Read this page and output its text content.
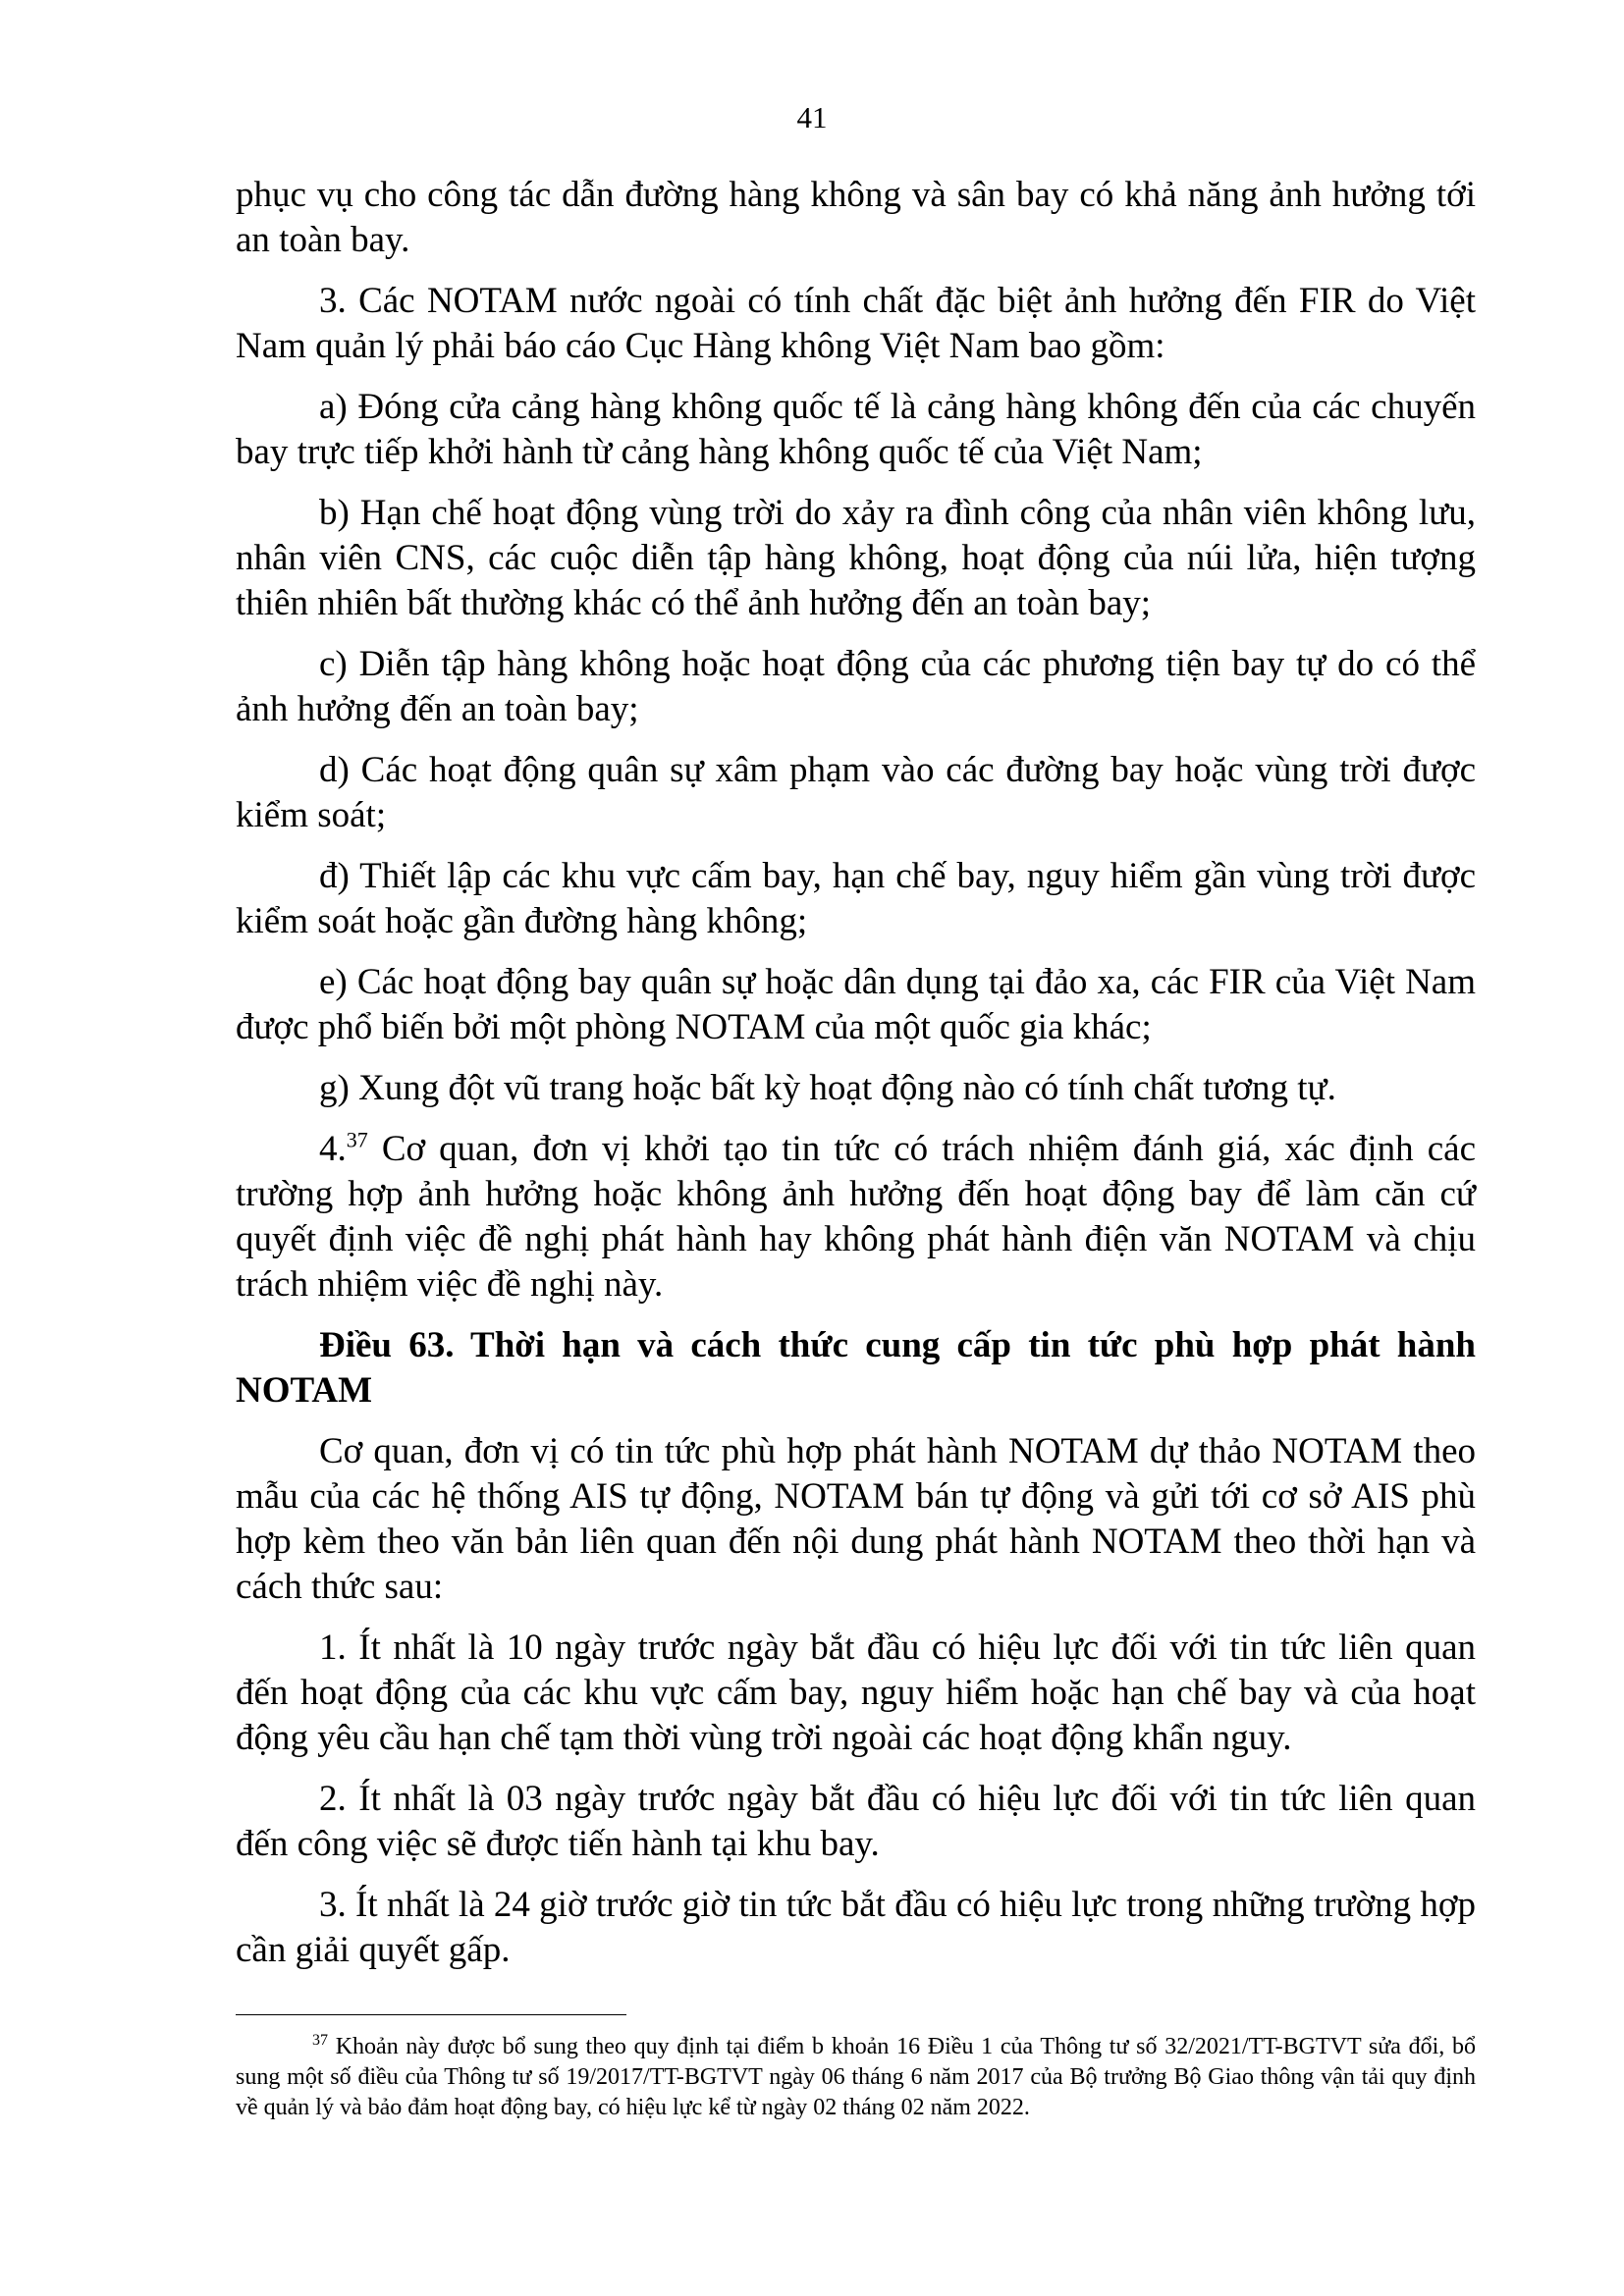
41

phục vụ cho công tác dẫn đường hàng không và sân bay có khả năng ảnh hưởng tới an toàn bay.

3. Các NOTAM nước ngoài có tính chất đặc biệt ảnh hưởng đến FIR do Việt Nam quản lý phải báo cáo Cục Hàng không Việt Nam bao gồm:

a) Đóng cửa cảng hàng không quốc tế là cảng hàng không đến của các chuyến bay trực tiếp khởi hành từ cảng hàng không quốc tế của Việt Nam;

b) Hạn chế hoạt động vùng trời do xảy ra đình công của nhân viên không lưu, nhân viên CNS, các cuộc diễn tập hàng không, hoạt động của núi lửa, hiện tượng thiên nhiên bất thường khác có thể ảnh hưởng đến an toàn bay;

c) Diễn tập hàng không hoặc hoạt động của các phương tiện bay tự do có thể ảnh hưởng đến an toàn bay;

d) Các hoạt động quân sự xâm phạm vào các đường bay hoặc vùng trời được kiểm soát;

đ) Thiết lập các khu vực cấm bay, hạn chế bay, nguy hiểm gần vùng trời được kiểm soát hoặc gần đường hàng không;

e) Các hoạt động bay quân sự hoặc dân dụng tại đảo xa, các FIR của Việt Nam được phổ biến bởi một phòng NOTAM của một quốc gia khác;

g) Xung đột vũ trang hoặc bất kỳ hoạt động nào có tính chất tương tự.

4.37 Cơ quan, đơn vị khởi tạo tin tức có trách nhiệm đánh giá, xác định các trường hợp ảnh hưởng hoặc không ảnh hưởng đến hoạt động bay để làm căn cứ quyết định việc đề nghị phát hành hay không phát hành điện văn NOTAM và chịu trách nhiệm việc đề nghị này.

Điều 63. Thời hạn và cách thức cung cấp tin tức phù hợp phát hành NOTAM

Cơ quan, đơn vị có tin tức phù hợp phát hành NOTAM dự thảo NOTAM theo mẫu của các hệ thống AIS tự động, NOTAM bán tự động và gửi tới cơ sở AIS phù hợp kèm theo văn bản liên quan đến nội dung phát hành NOTAM theo thời hạn và cách thức sau:

1. Ít nhất là 10 ngày trước ngày bắt đầu có hiệu lực đối với tin tức liên quan đến hoạt động của các khu vực cấm bay, nguy hiểm hoặc hạn chế bay và của hoạt động yêu cầu hạn chế tạm thời vùng trời ngoài các hoạt động khẩn nguy.

2. Ít nhất là 03 ngày trước ngày bắt đầu có hiệu lực đối với tin tức liên quan đến công việc sẽ được tiến hành tại khu bay.

3. Ít nhất là 24 giờ trước giờ tin tức bắt đầu có hiệu lực trong những trường hợp cần giải quyết gấp.

$^{37}$ Khoản này được bổ sung theo quy định tại điểm b khoản 16 Điều 1 của Thông tư số 32/2021/TT-BGTVT sửa đổi, bổ sung một số điều của Thông tư số 19/2017/TT-BGTVT ngày 06 tháng 6 năm 2017 của Bộ trưởng Bộ Giao thông vận tải quy định về quản lý và bảo đảm hoạt động bay, có hiệu lực kể từ ngày 02 tháng 02 năm 2022.
